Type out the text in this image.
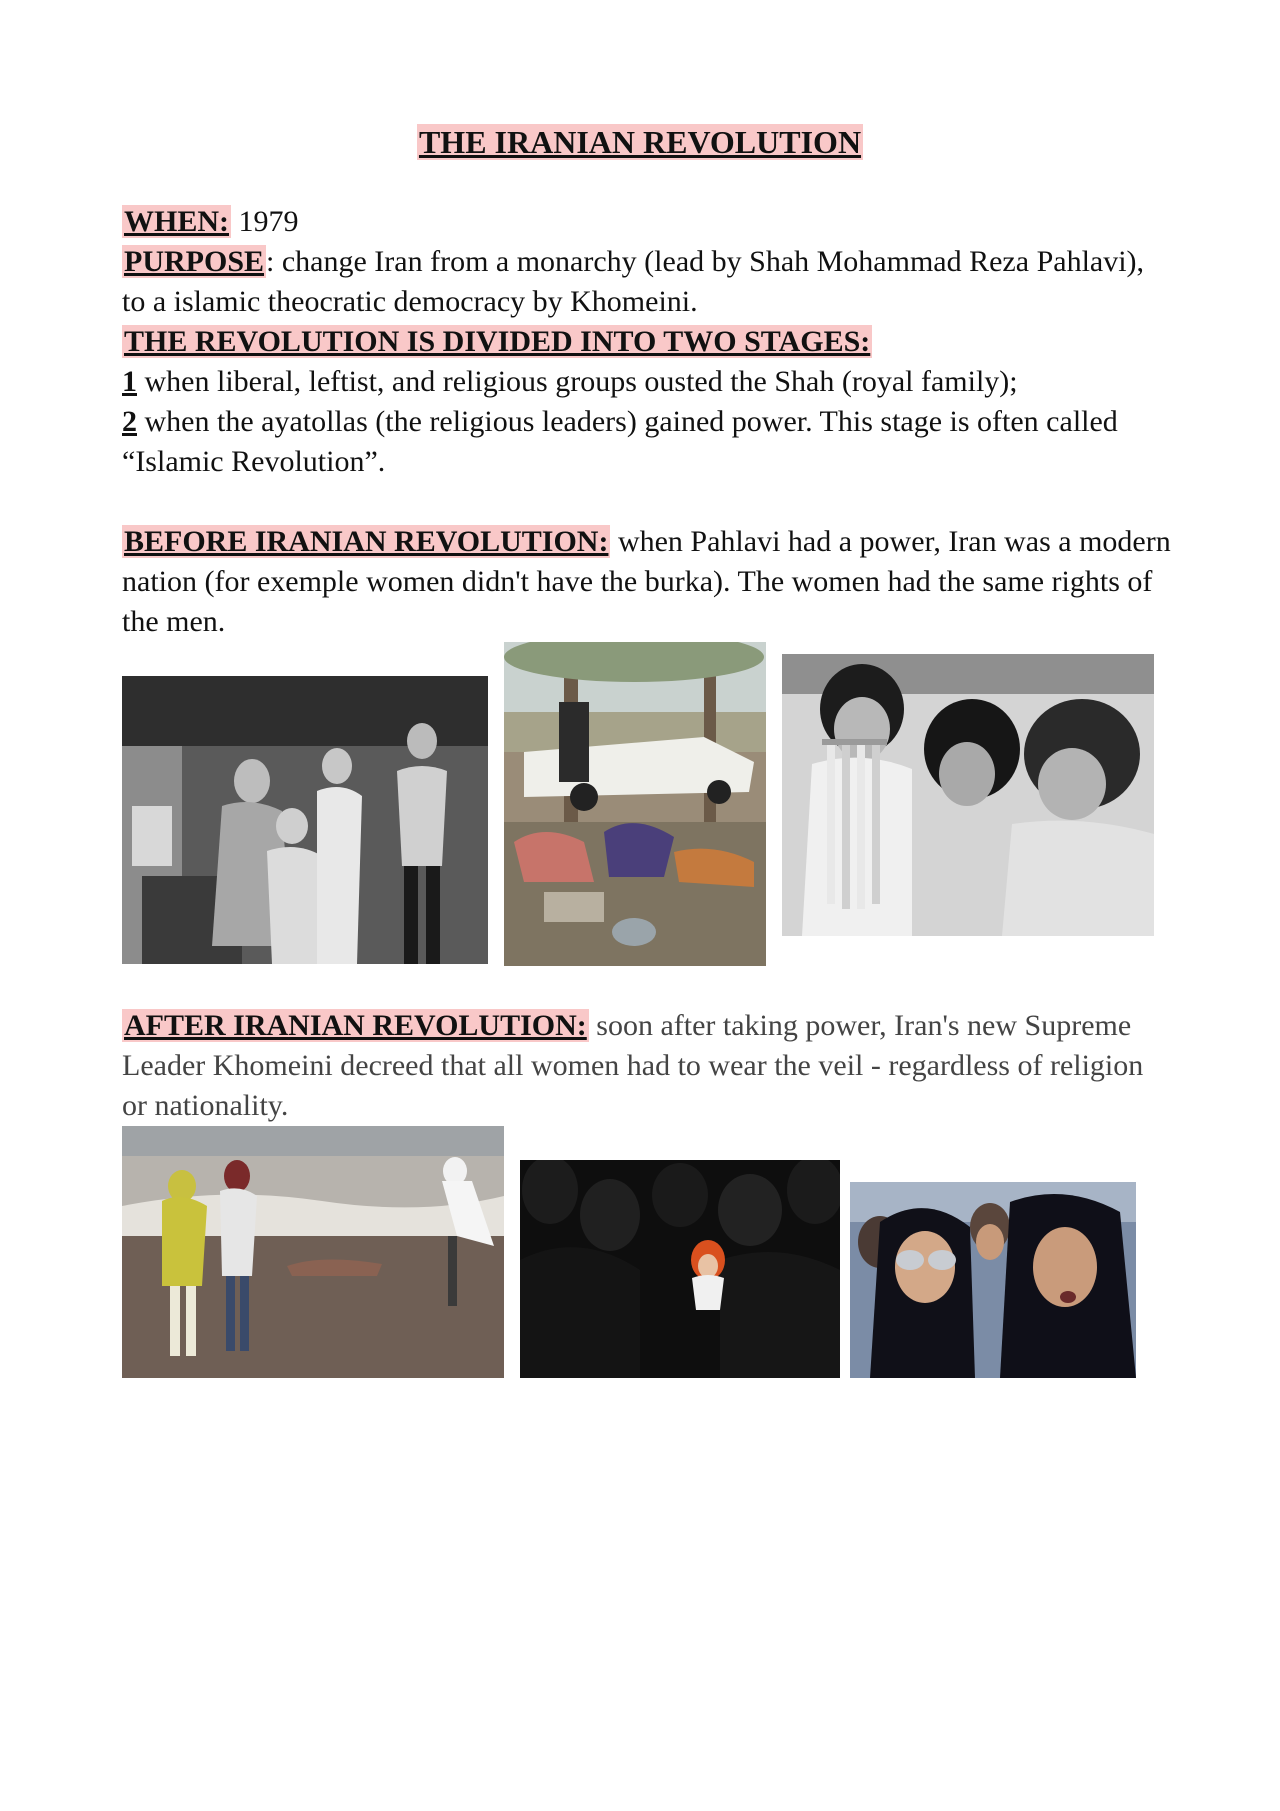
THE IRANIAN REVOLUTION
WHEN: 1979
PURPOSE: change Iran from a monarchy (lead by Shah Mohammad Reza Pahlavi), to a islamic theocratic democracy by Khomeini.
THE REVOLUTION IS DIVIDED INTO TWO STAGES:
1 when liberal, leftist, and religious groups ousted the Shah (royal family);
2 when the ayatollas (the religious leaders) gained power. This stage is often called “Islamic Revolution”.
BEFORE IRANIAN REVOLUTION: when Pahlavi had a power, Iran was a modern nation (for exemple women didn't have the burka). The women had the same rights of the men.
AFTER IRANIAN REVOLUTION: soon after taking power, Iran's new Supreme Leader Khomeini decreed that all women had to wear the veil - regardless of religion or nationality.
